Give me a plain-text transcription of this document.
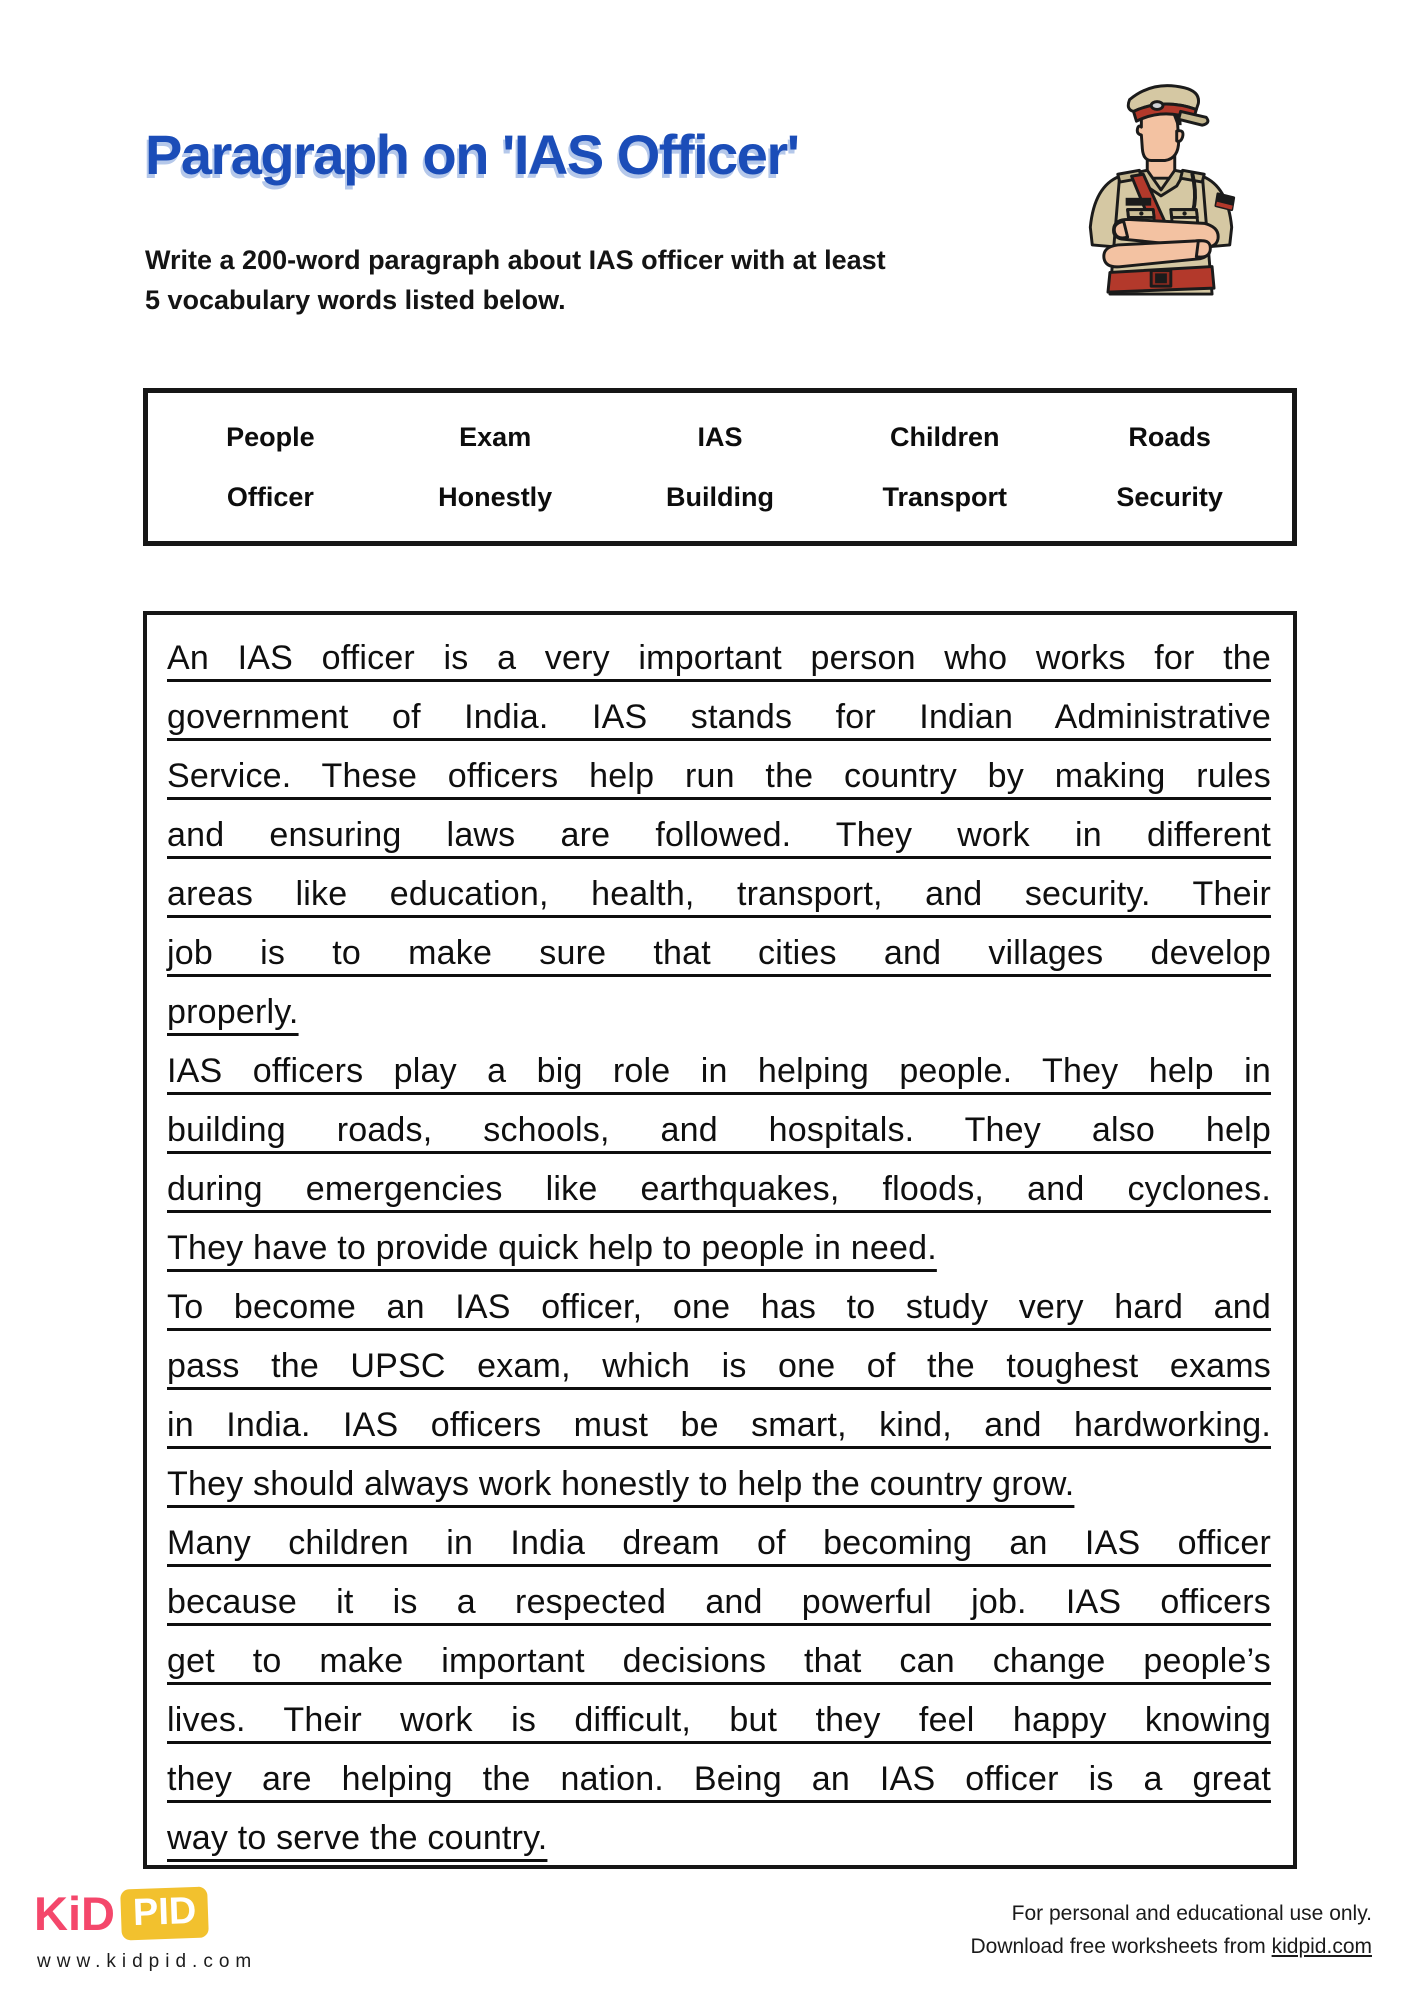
Paragraph on 'IAS Officer'
Write a 200-word paragraph about IAS officer with at least
5 vocabulary words listed below.
People	Exam	IAS	Children	Roads
Officer	Honestly	Building	Transport	Security
An IAS officer is a very important person who works for the
government of India. IAS stands for Indian Administrative
Service. These officers help run the country by making rules
and ensuring laws are followed. They work in different
areas like education, health, transport, and security. Their
job is to make sure that cities and villages develop
properly.
IAS officers play a big role in helping people. They help in
building roads, schools, and hospitals. They also help
during emergencies like earthquakes, floods, and cyclones.
They have to provide quick help to people in need.
To become an IAS officer, one has to study very hard and
pass the UPSC exam, which is one of the toughest exams
in India. IAS officers must be smart, kind, and hardworking.
They should always work honestly to help the country grow.
Many children in India dream of becoming an IAS officer
because it is a respected and powerful job. IAS officers
get to make important decisions that can change people’s
lives. Their work is difficult, but they feel happy knowing
they are helping the nation. Being an IAS officer is a great
way to serve the country.
KiD PID
www.kidpid.com
For personal and educational use only.
Download free worksheets from kidpid.com
